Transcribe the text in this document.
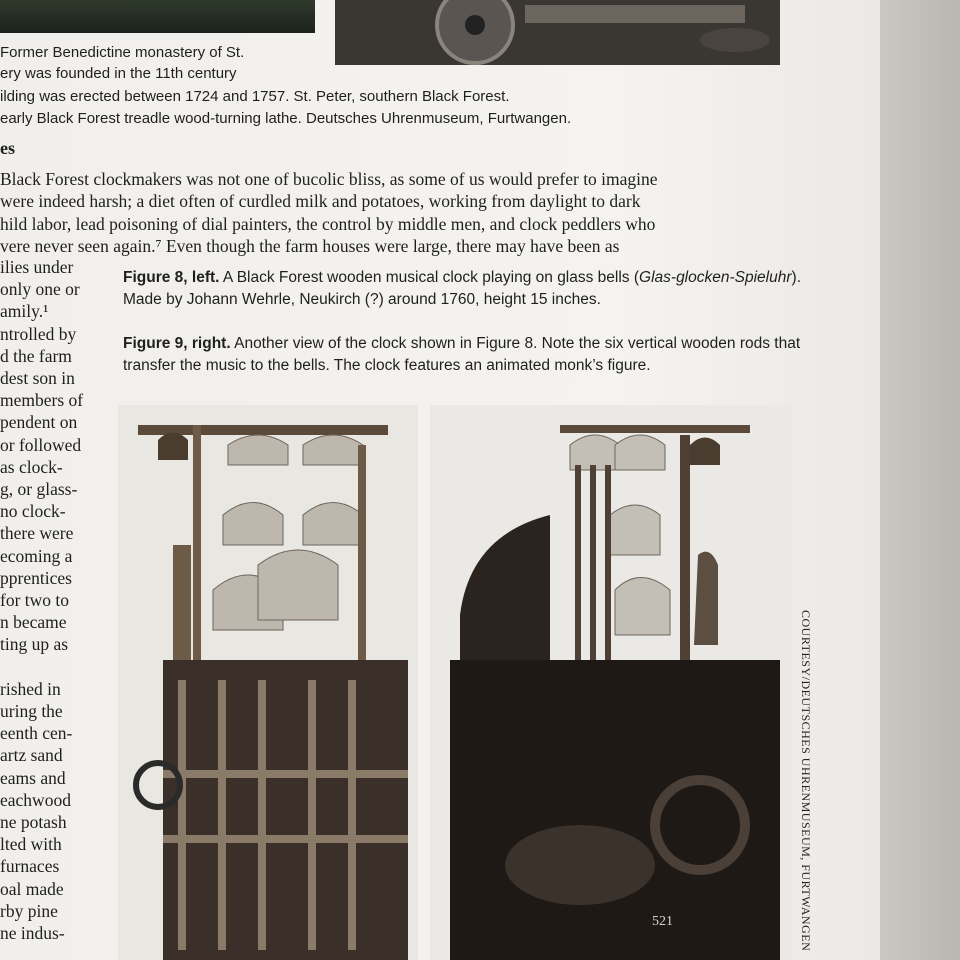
Former Benedictine monastery of St.
ery was founded in the 11th century
ilding was erected between 1724 and 1757. St. Peter, southern Black Forest.
early Black Forest treadle wood-turning lathe. Deutsches Uhrenmuseum, Furtwangen.
es
Black Forest clockmakers was not one of bucolic bliss, as some of us would prefer to imagine
were indeed harsh; a diet often of curdled milk and potatoes, working from daylight to dark
hild labor, lead poisoning of dial painters, the control by middle men, and clock peddlers who
vere never seen again.⁷ Even though the farm houses were large, there may have been as
ilies under
only one or
amily.¹
ntrolled by
d the farm
dest son in
members of
pendent on
or followed
as clock-
g, or glass-
no clock-
there were
ecoming a
pprentices
for two to
n became
ting up as
rished in
uring the
eenth cen-
artz sand
eams and
eachwood
ne potash
lted with
furnaces
oal made
rby pine
ne indus-
Figure 8, left. A Black Forest wooden musical clock playing on glass bells (Glas-glocken-Spieluhr). Made by Johann Wehrle, Neukirch (?) around 1760, height 15 inches.
Figure 9, right. Another view of the clock shown in Figure 8. Note the six vertical wooden rods that transfer the music to the bells. The clock features an animated monk’s figure.
521	COURTESY/DEUTSCHES UHRENMUSEUM, FURTWANGEN
